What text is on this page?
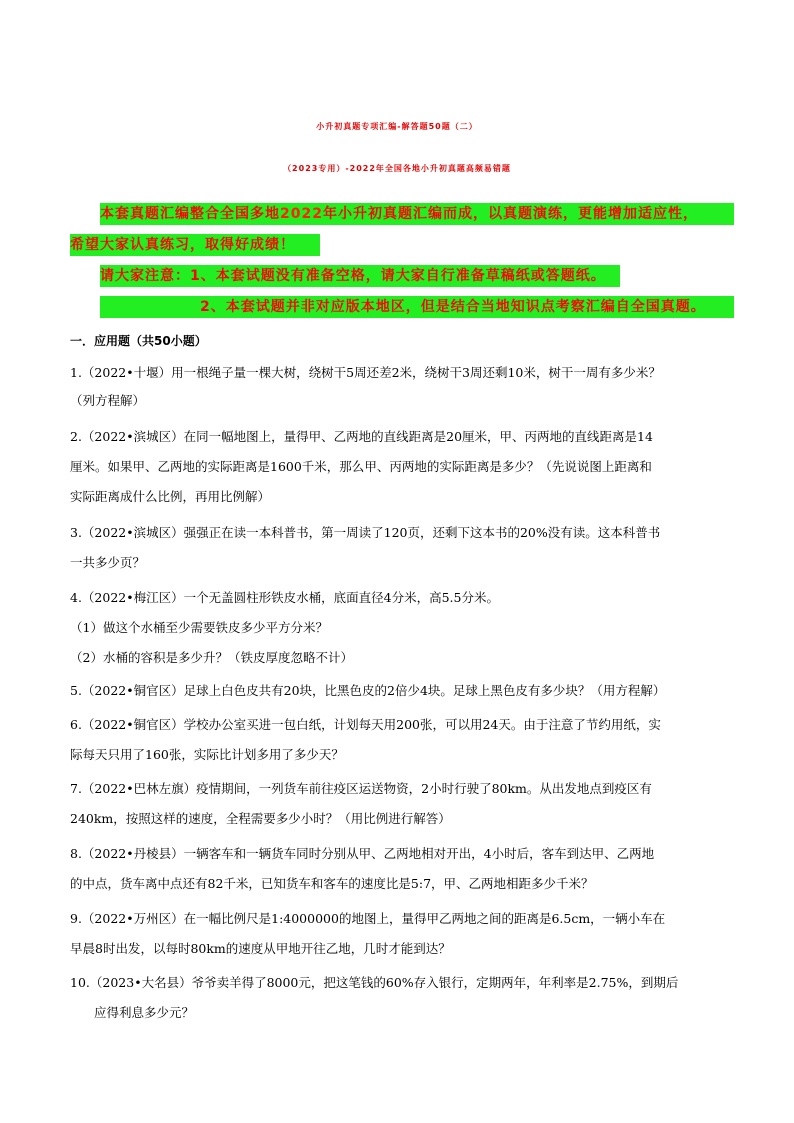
小升初真题专项汇编-解答题50题（二）
（2023专用）-2022年全国各地小升初真题高频易错题
本套真题汇编整合全国多地2022年小升初真题汇编而成，以真题演练，更能增加适应性，
希望大家认真练习，取得好成绩！
请大家注意：1、本套试题没有准备空格，请大家自行准备草稿纸或答题纸。
2、本套试题并非对应版本地区，但是结合当地知识点考察汇编自全国真题。
一．应用题（共50小题）
1.（2022•十堰）用一根绳子量一棵大树，绕树干5周还差2米，绕树干3周还剩10米，树干一周有多少米？
（列方程解）
2.（2022•滨城区）在同一幅地图上，量得甲、乙两地的直线距离是20厘米，甲、丙两地的直线距离是14
厘米。如果甲、乙两地的实际距离是1600千米，那么甲、丙两地的实际距离是多少？（先说说图上距离和
实际距离成什么比例，再用比例解）
3.（2022•滨城区）强强正在读一本科普书，第一周读了120页，还剩下这本书的20%没有读。这本科普书
一共多少页？
4.（2022•梅江区）一个无盖圆柱形铁皮水桶，底面直径4分米，高5.5分米。
（1）做这个水桶至少需要铁皮多少平方分米？
（2）水桶的容积是多少升？（铁皮厚度忽略不计）
5.（2022•铜官区）足球上白色皮共有20块，比黑色皮的2倍少4块。足球上黑色皮有多少块？（用方程解）
6.（2022•铜官区）学校办公室买进一包白纸，计划每天用200张，可以用24天。由于注意了节约用纸，实
际每天只用了160张，实际比计划多用了多少天？
7.（2022•巴林左旗）疫情期间，一列货车前往疫区运送物资，2小时行驶了80km。从出发地点到疫区有
240km，按照这样的速度，全程需要多少小时？（用比例进行解答）
8.（2022•丹棱县）一辆客车和一辆货车同时分别从甲、乙两地相对开出，4小时后，客车到达甲、乙两地
的中点，货车离中点还有82千米，已知货车和客车的速度比是5:7，甲、乙两地相距多少千米？
9.（2022•万州区）在一幅比例尺是1:4000000的地图上，量得甲乙两地之间的距离是6.5cm，一辆小车在
早晨8时出发，以每时80km的速度从甲地开往乙地，几时才能到达？
10.（2023•大名县）爷爷卖羊得了8000元，把这笔钱的60%存入银行，定期两年，年利率是2.75%，到期后
应得利息多少元？
